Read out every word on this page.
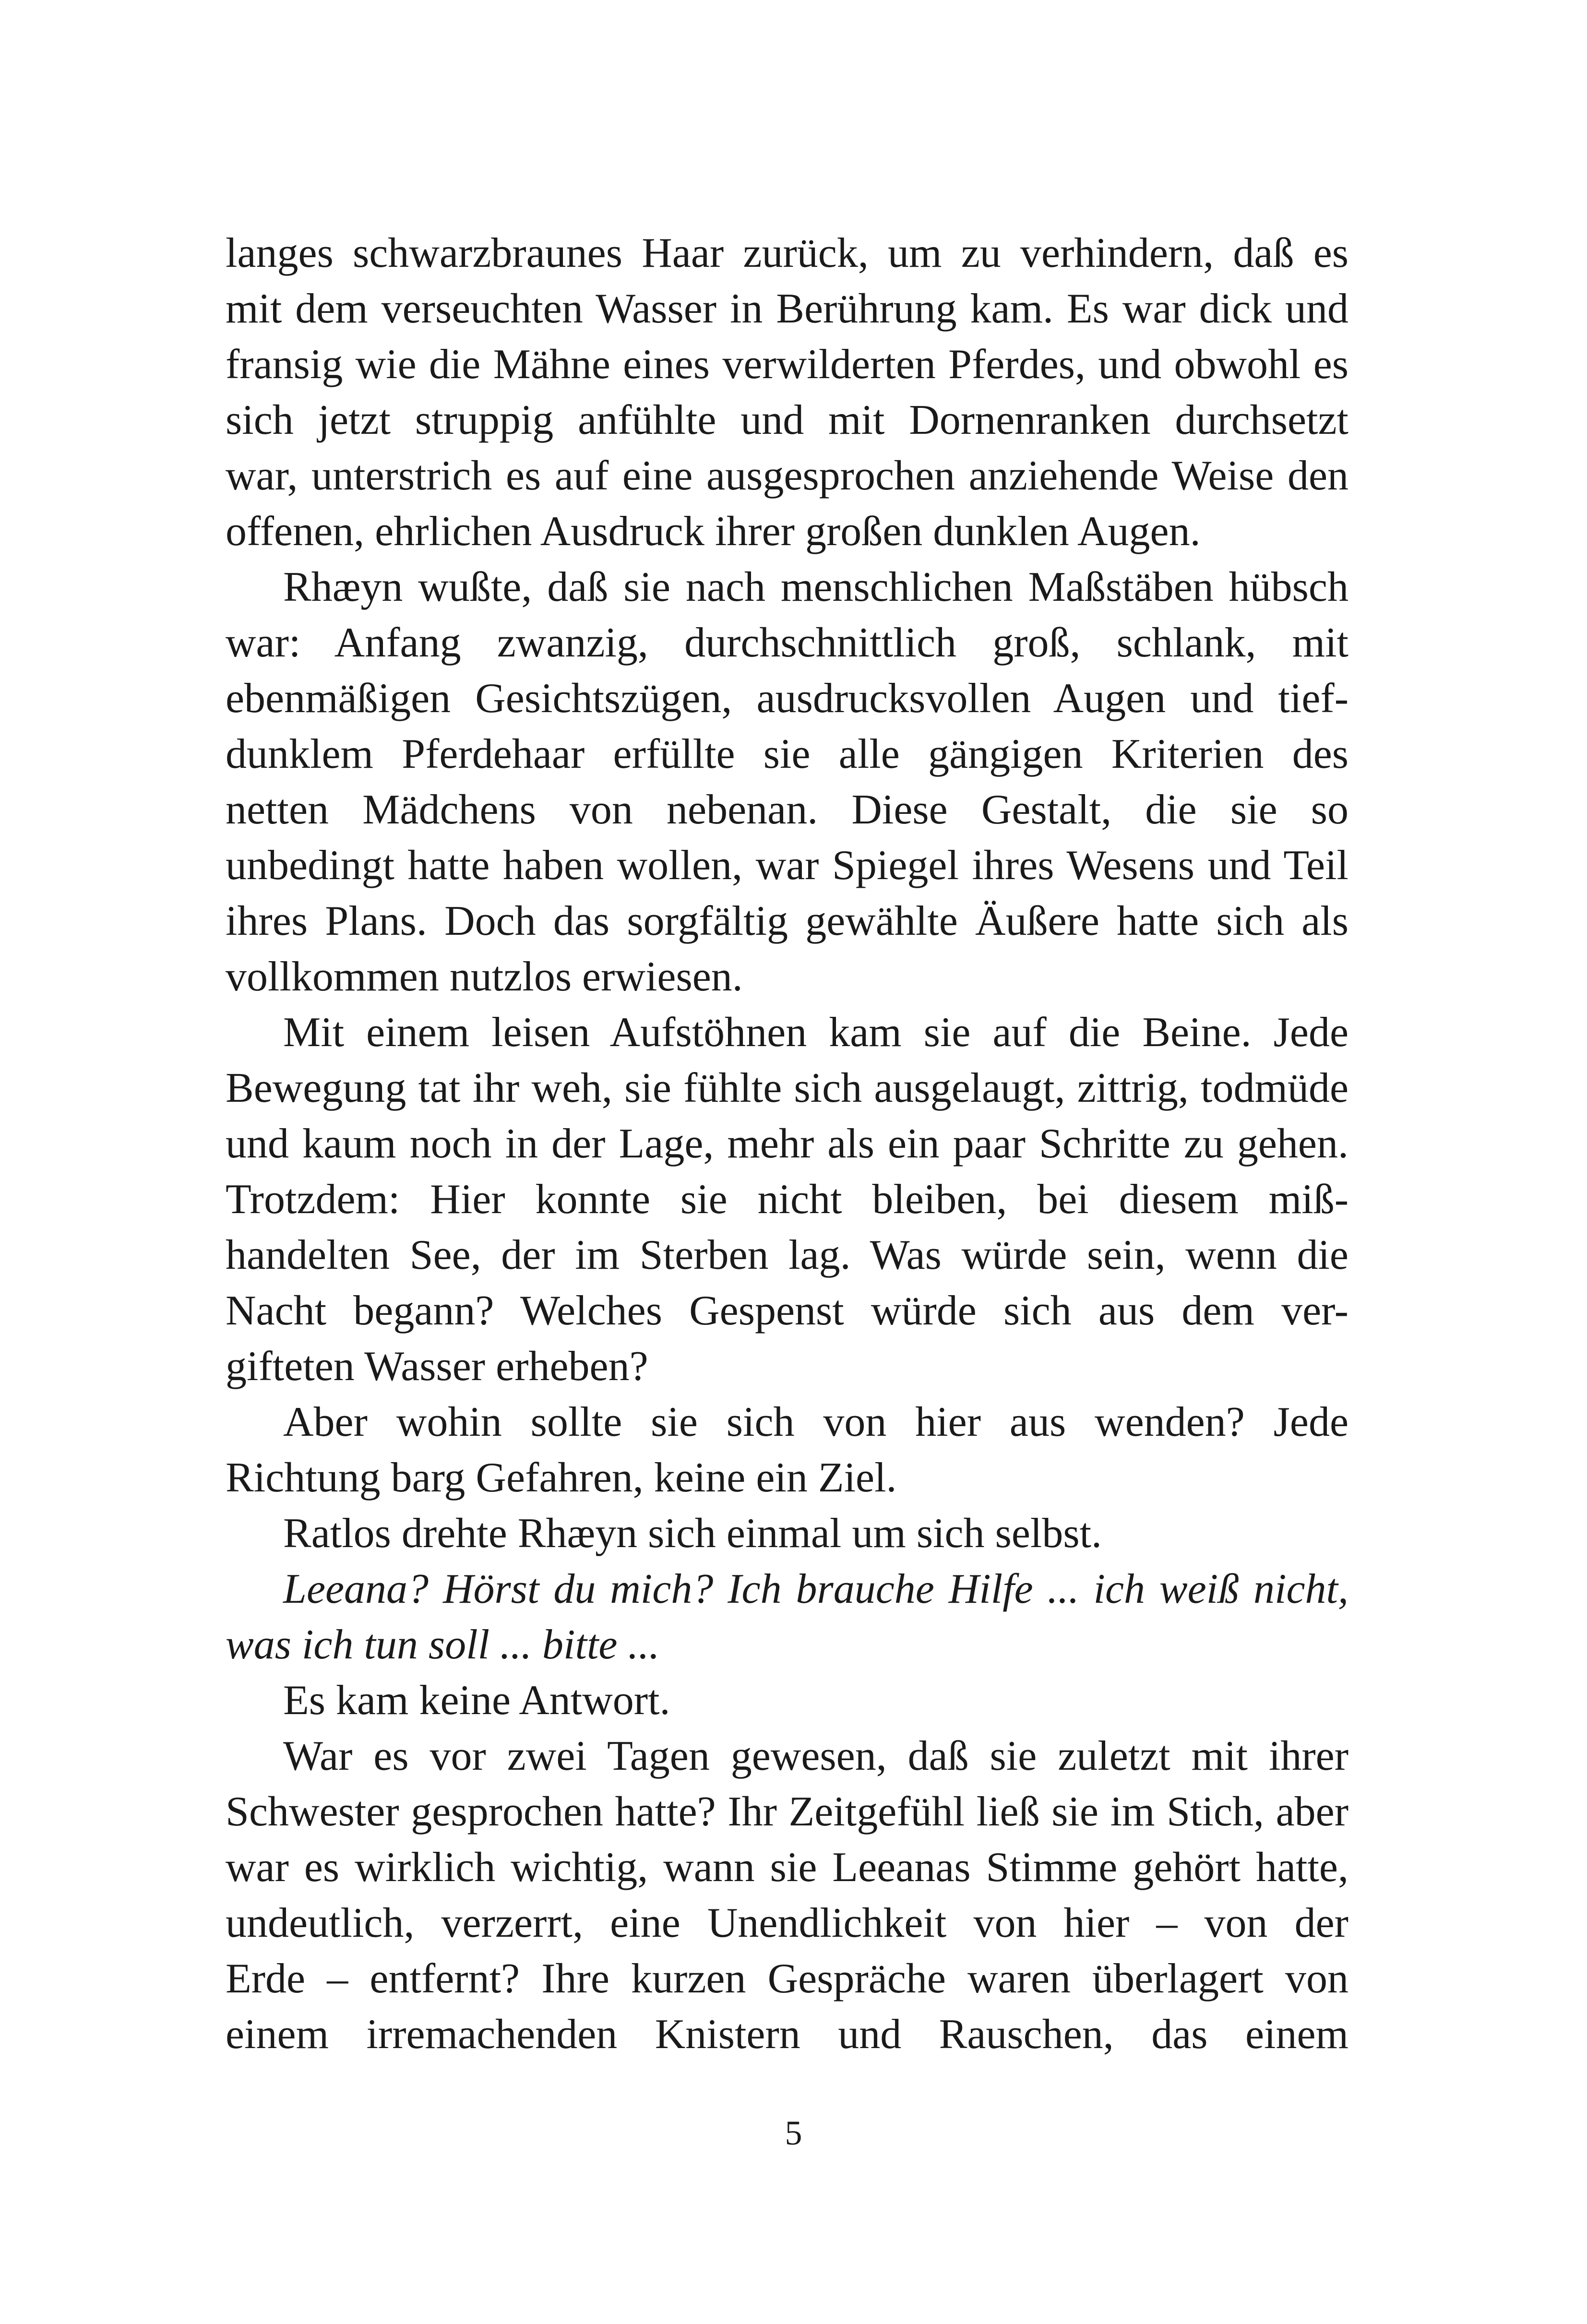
langes schwarzbraunes Haar zurück, um zu verhindern, daß es
mit dem verseuchten Wasser in Berührung kam. Es war dick und
fransig wie die Mähne eines verwilderten Pferdes, und obwohl es
sich jetzt struppig anfühlte und mit Dornenranken durchsetzt
war, unterstrich es auf eine ausgesprochen anziehende Weise den
offenen, ehrlichen Ausdruck ihrer großen dunklen Augen.
Rhæyn wußte, daß sie nach menschlichen Maßstäben hübsch
war: Anfang zwanzig, durchschnittlich groß, schlank, mit
ebenmäßigen Gesichtszügen, ausdrucksvollen Augen und tief-
dunklem Pferdehaar erfüllte sie alle gängigen Kriterien des
netten Mädchens von nebenan. Diese Gestalt, die sie so
unbedingt hatte haben wollen, war Spiegel ihres Wesens und Teil
ihres Plans. Doch das sorgfältig gewählte Äußere hatte sich als
vollkommen nutzlos erwiesen.
Mit einem leisen Aufstöhnen kam sie auf die Beine. Jede
Bewegung tat ihr weh, sie fühlte sich ausgelaugt, zittrig, todmüde
und kaum noch in der Lage, mehr als ein paar Schritte zu gehen.
Trotzdem: Hier konnte sie nicht bleiben, bei diesem miß-
handelten See, der im Sterben lag. Was würde sein, wenn die
Nacht begann? Welches Gespenst würde sich aus dem ver-
gifteten Wasser erheben?
Aber wohin sollte sie sich von hier aus wenden? Jede
Richtung barg Gefahren, keine ein Ziel.
Ratlos drehte Rhæyn sich einmal um sich selbst.
Leeana? Hörst du mich? Ich brauche Hilfe ... ich weiß nicht,
was ich tun soll ... bitte ...
Es kam keine Antwort.
War es vor zwei Tagen gewesen, daß sie zuletzt mit ihrer
Schwester gesprochen hatte? Ihr Zeitgefühl ließ sie im Stich, aber
war es wirklich wichtig, wann sie Leeanas Stimme gehört hatte,
undeutlich, verzerrt, eine Unendlichkeit von hier – von der
Erde – entfernt? Ihre kurzen Gespräche waren überlagert von
einem irremachenden Knistern und Rauschen, das einem
5
